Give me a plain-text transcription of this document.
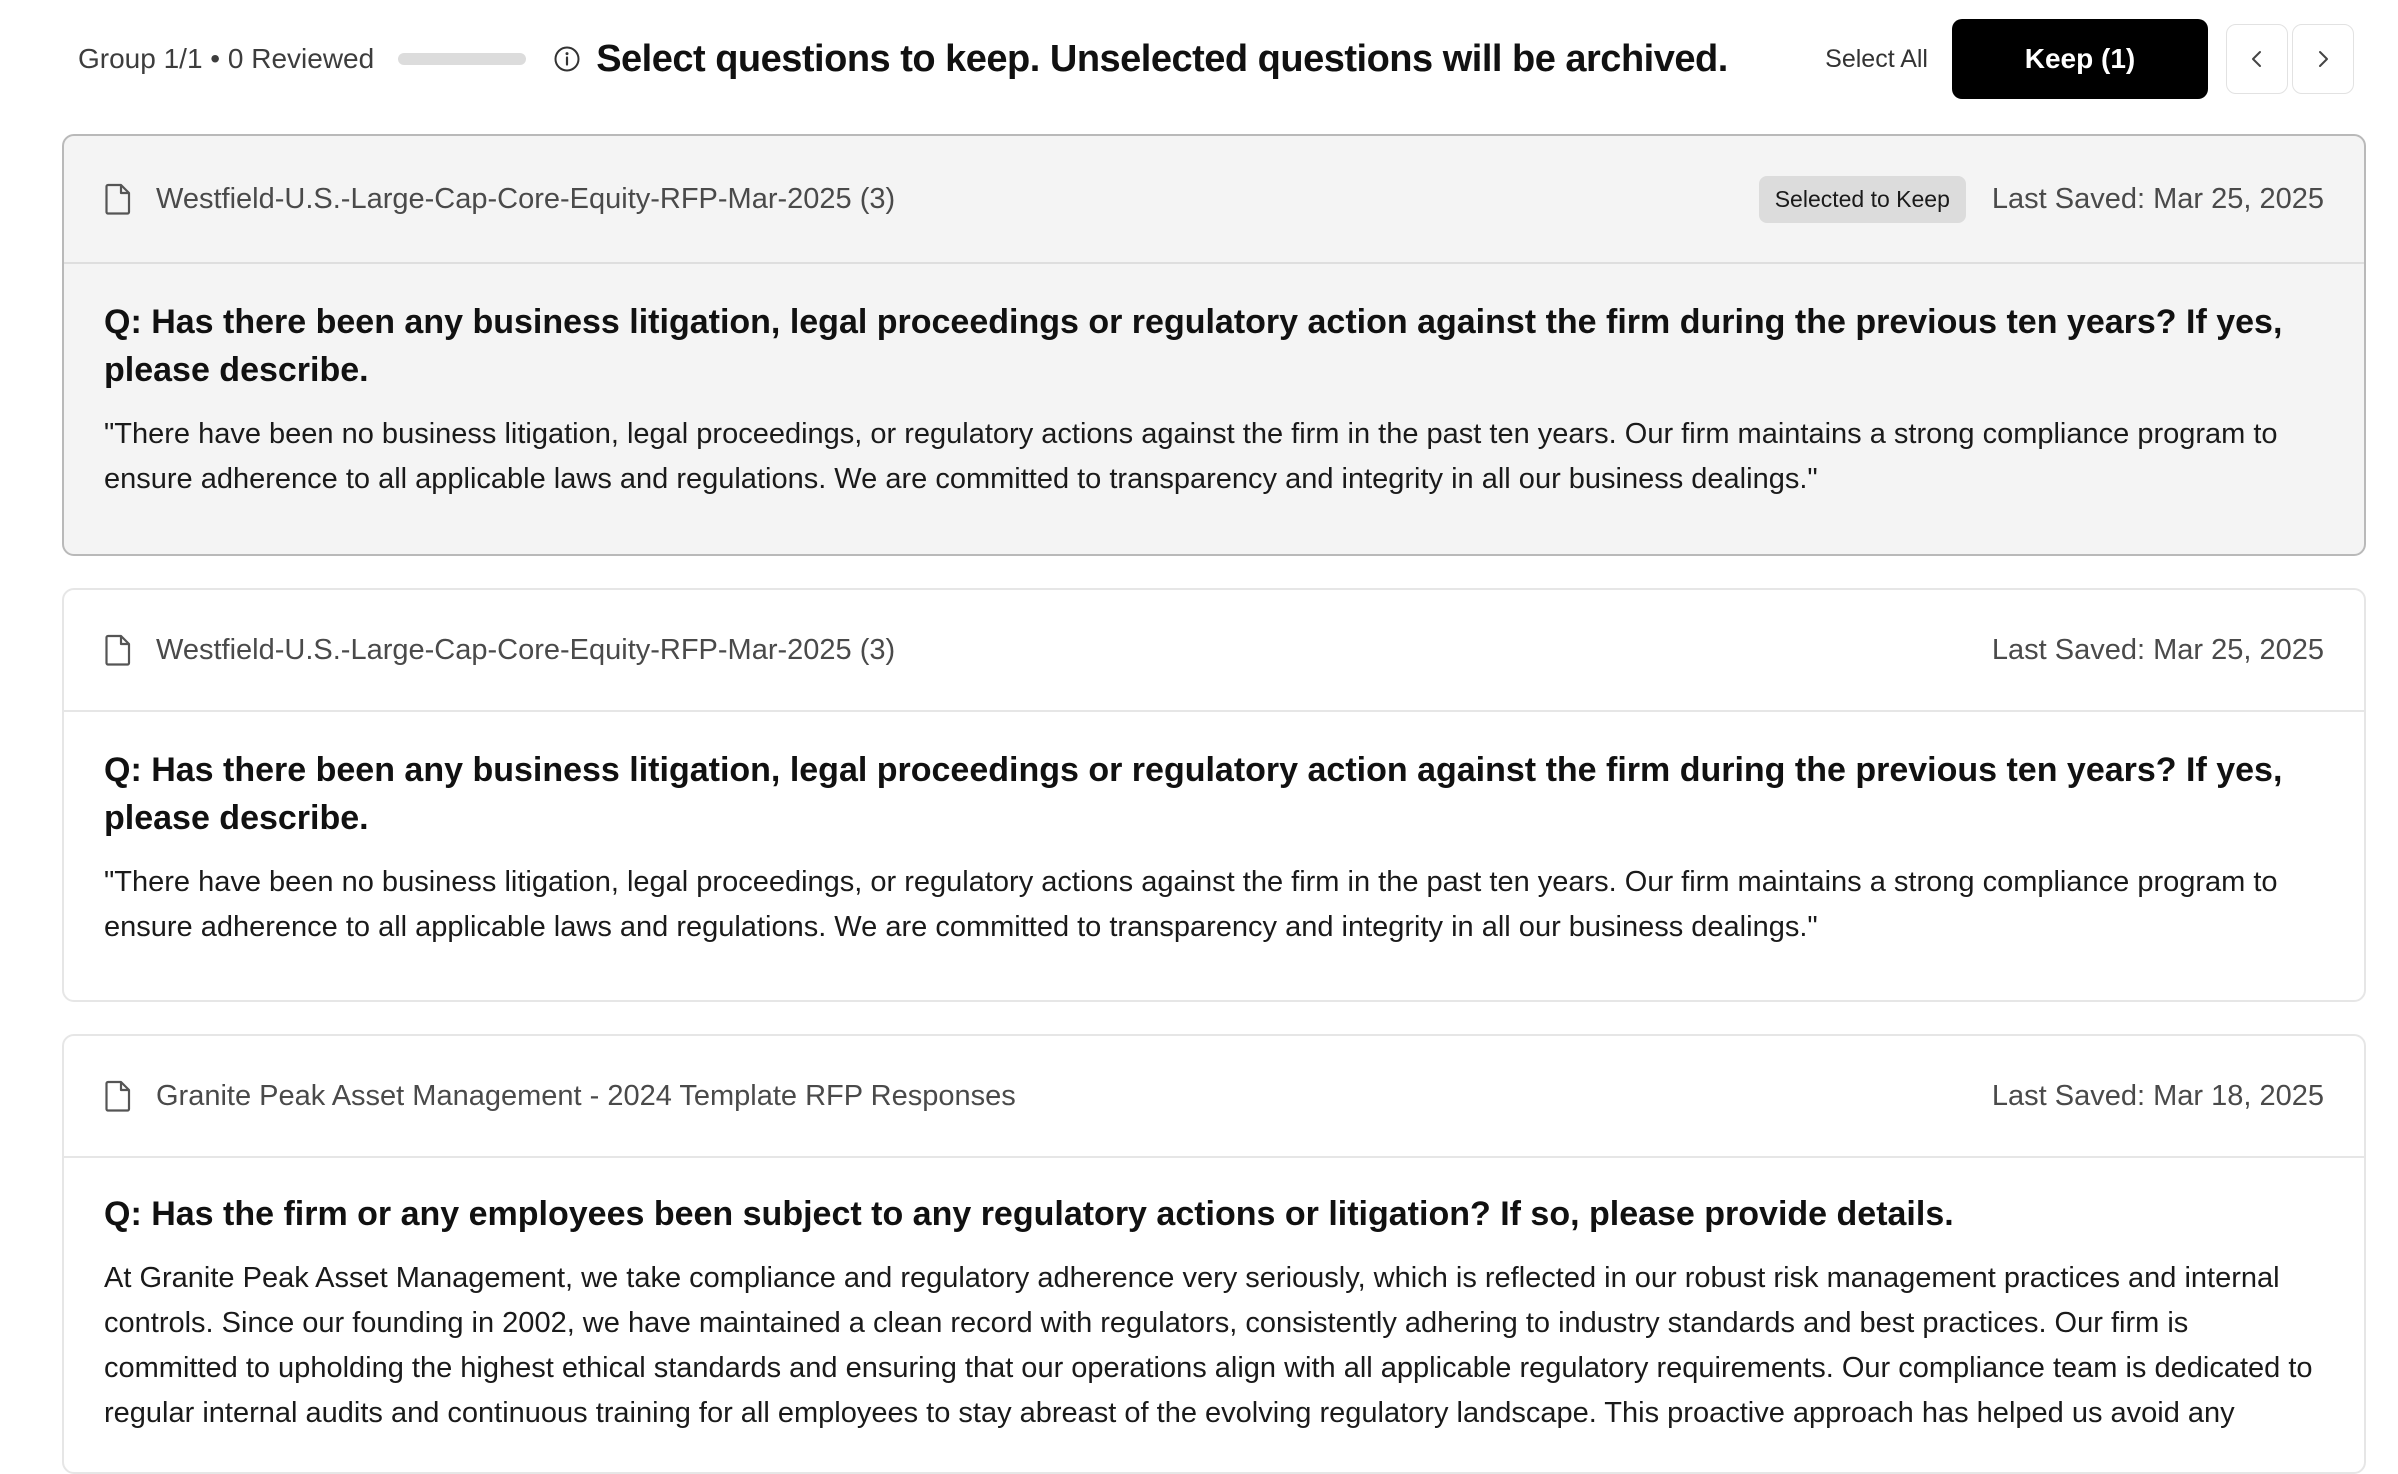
Group 1/1 • 0 Reviewed	Select questions to keep. Unselected questions will be archived.	Select All	Keep (1)
Westfield-U.S.-Large-Cap-Core-Equity-RFP-Mar-2025 (3)	Selected to Keep	Last Saved: Mar 25, 2025
Q: Has there been any business litigation, legal proceedings or regulatory action against the firm during the previous ten years? If yes, please describe.
"There have been no business litigation, legal proceedings, or regulatory actions against the firm in the past ten years. Our firm maintains a strong compliance program to ensure adherence to all applicable laws and regulations. We are committed to transparency and integrity in all our business dealings."
Westfield-U.S.-Large-Cap-Core-Equity-RFP-Mar-2025 (3)	Last Saved: Mar 25, 2025
Q: Has there been any business litigation, legal proceedings or regulatory action against the firm during the previous ten years? If yes, please describe.
"There have been no business litigation, legal proceedings, or regulatory actions against the firm in the past ten years. Our firm maintains a strong compliance program to ensure adherence to all applicable laws and regulations. We are committed to transparency and integrity in all our business dealings."
Granite Peak Asset Management - 2024 Template RFP Responses	Last Saved: Mar 18, 2025
Q: Has the firm or any employees been subject to any regulatory actions or litigation? If so, please provide details.
At Granite Peak Asset Management, we take compliance and regulatory adherence very seriously, which is reflected in our robust risk management practices and internal controls. Since our founding in 2002, we have maintained a clean record with regulators, consistently adhering to industry standards and best practices. Our firm is committed to upholding the highest ethical standards and ensuring that our operations align with all applicable regulatory requirements. Our compliance team is dedicated to regular internal audits and continuous training for all employees to stay abreast of the evolving regulatory landscape. This proactive approach has helped us avoid any
